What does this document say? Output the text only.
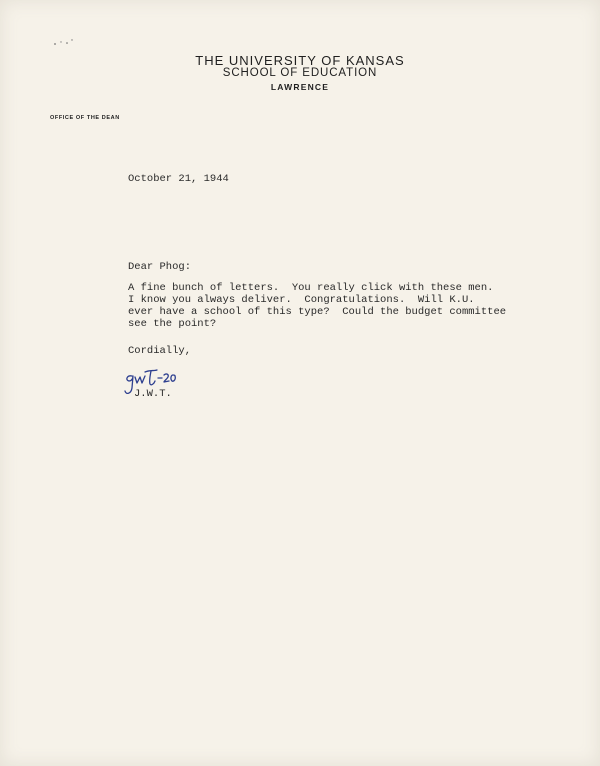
THE UNIVERSITY OF KANSAS
SCHOOL OF EDUCATION
LAWRENCE
OFFICE OF THE DEAN
October 21, 1944
Dear Phog:
A fine bunch of letters.  You really click with these men.
I know you always deliver.  Congratulations.  Will K.U.
ever have a school of this type?  Could the budget committee
see the point?
Cordially,
J.W.T.
